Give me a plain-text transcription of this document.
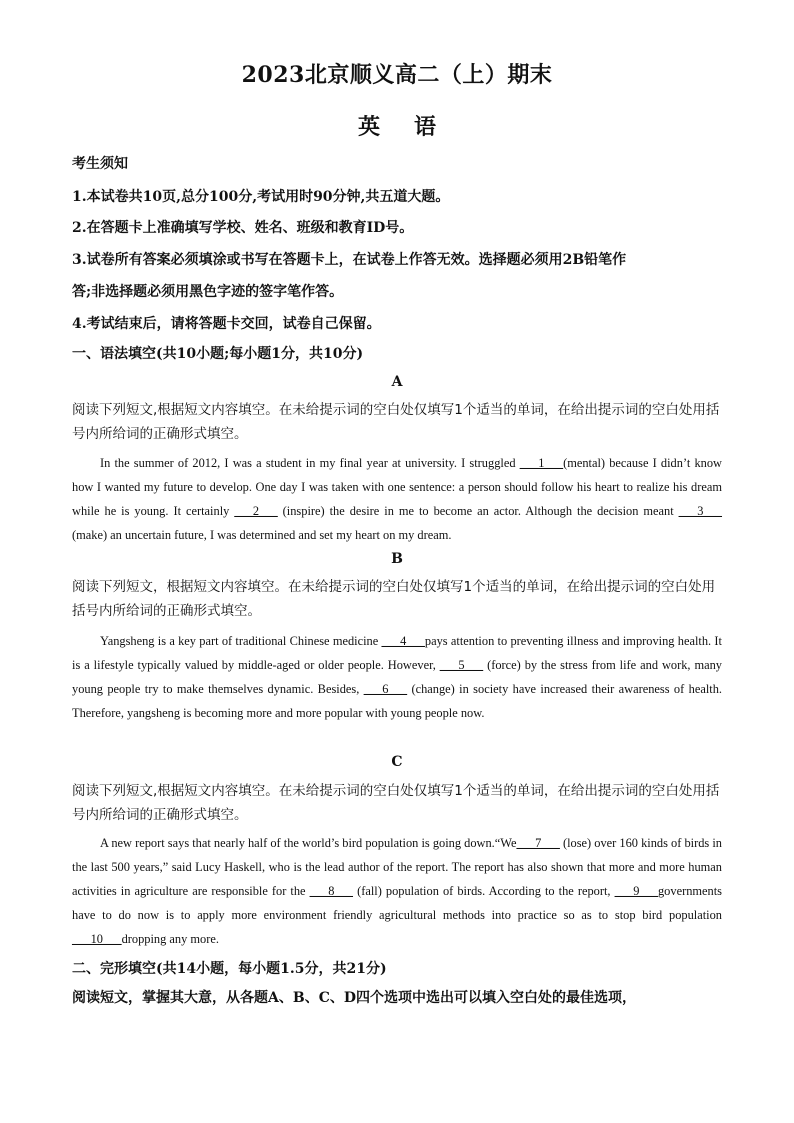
2023北京顺义高二（上）期末
英语
考生须知
1.本试卷共10页,总分100分,考试用时90分钟,共五道大题。
2.在答题卡上准确填写学校、姓名、班级和教育ID号。
3.试卷所有答案必须填涂或书写在答题卡上，在试卷上作答无效。选择题必须用2B铅笔作
答;非选择题必须用黑色字迹的签字笔作答。
4.考试结束后，请将答题卡交回，试卷自己保留。
一、语法填空(共10小题;每小题1分，共10分)
A
阅读下列短文,根据短文内容填空。在未给提示词的空白处仅填写1个适当的单词，在给出提示词的空白处用括号内所给词的正确形式填空。
In the summer of 2012, I was a student in my final year at university. I struggled ___1___(mental) because I didn’t know how I wanted my future to develop. One day I was taken with one sentence: a person should follow his heart to realize his dream while he is young. It certainly ___2___ (inspire) the desire in me to become an actor. Although the decision meant ___3___ (make) an uncertain future, I was determined and set my heart on my dream.
B
阅读下列短文，根据短文内容填空。在未给提示词的空白处仅填写1个适当的单词，在给出提示词的空白处用括号内所给词的正确形式填空。
Yangsheng is a key part of traditional Chinese medicine ___4___pays attention to preventing illness and improving health. It is a lifestyle typically valued by middle-aged or older people. However, ___5___ (force) by the stress from life and work, many young people try to make themselves dynamic. Besides, ___6___ (change) in society have increased their awareness of health. Therefore, yangsheng is becoming more and more popular with young people now.
C
阅读下列短文,根据短文内容填空。在未给提示词的空白处仅填写1个适当的单词，在给出提示词的空白处用括号内所给词的正确形式填空。
A new report says that nearly half of the world’s bird population is going down.“We___7___ (lose) over 160 kinds of birds in the last 500 years,” said Lucy Haskell, who is the lead author of the report. The report has also shown that more and more human activities in agriculture are responsible for the ___8___ (fall) population of birds. According to the report, ___9___governments have to do now is to apply more environment friendly agricultural methods into practice so as to stop bird population ___10___dropping any more.
二、完形填空(共14小题，每小题1.5分，共21分)
阅读短文，掌握其大意，从各题A、B、C、D四个选项中选出可以填入空白处的最佳选项，
